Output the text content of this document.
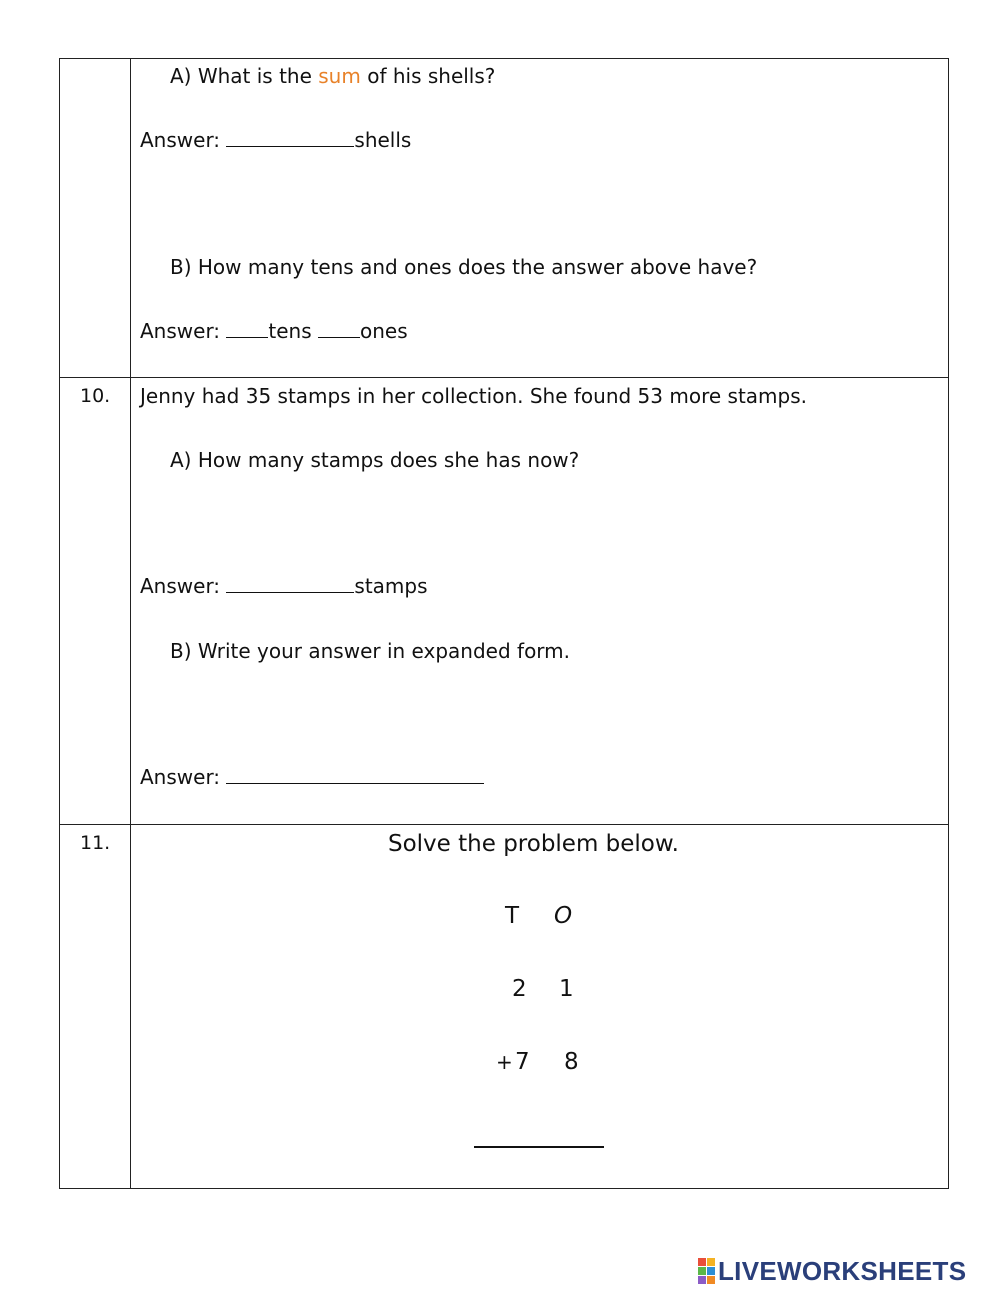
A) What is the sum of his shells?
Answer:	shells
B) How many tens and ones does the answer above have?
Answer: tens ones
10. Jenny had 35 stamps in her collection. She found 53 more stamps.
A) How many stamps does she has now?
Answer:	stamps
B) Write your answer in expanded form.
Answer:
11.	Solve the problem below.
T O
2 1
+ 7 8
LIVEWORKSHEETS
